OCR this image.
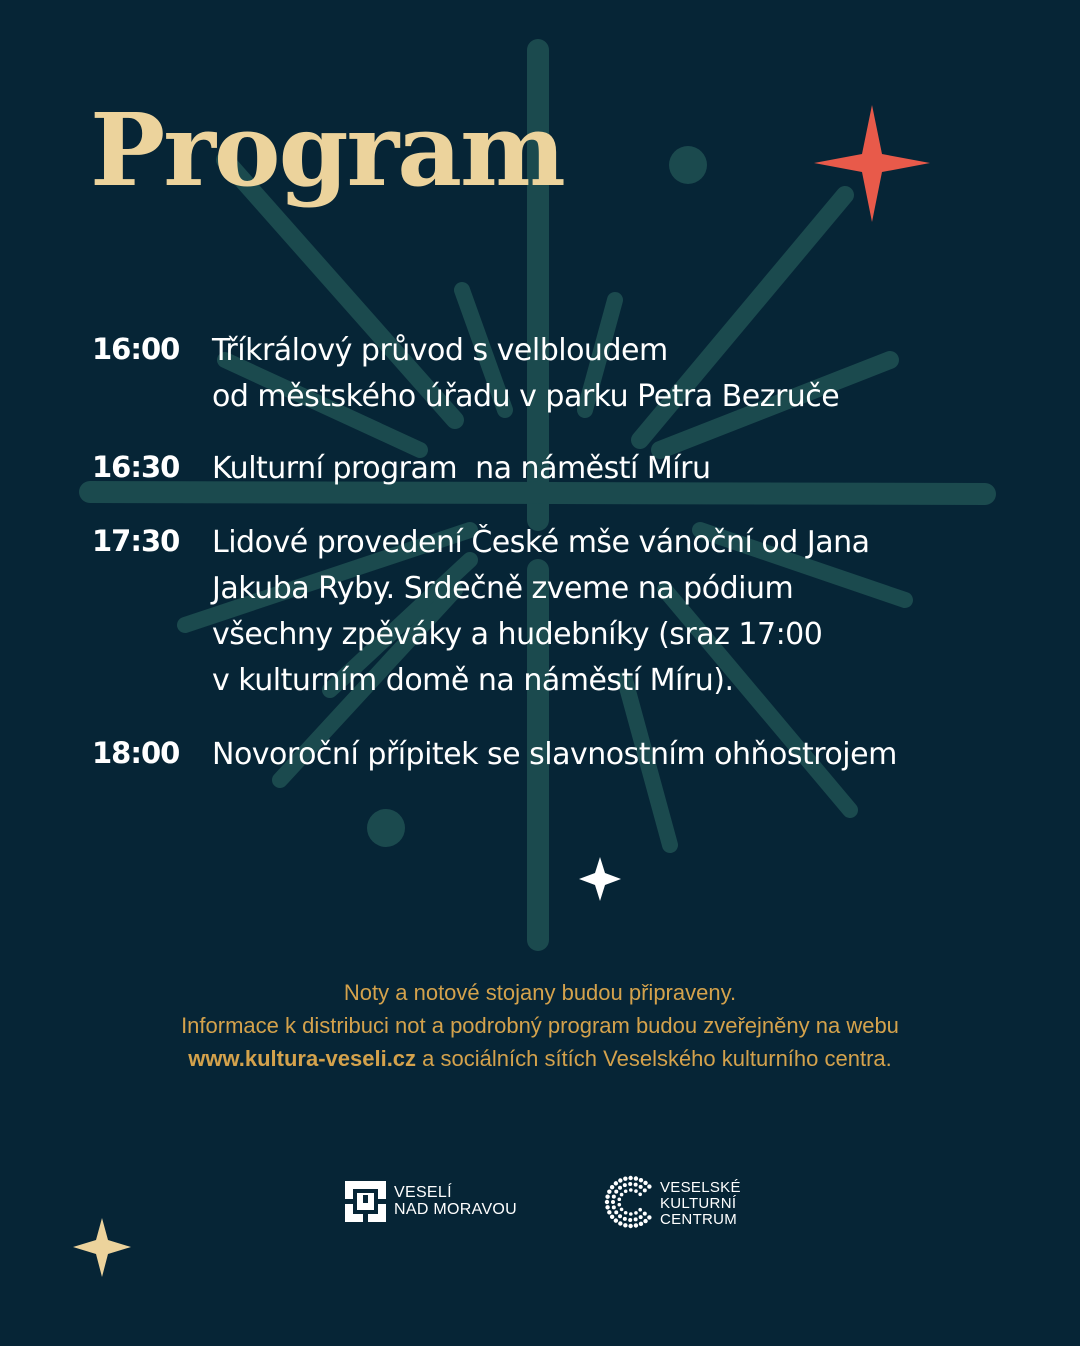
Program
16:00 Tříkrálový průvod s velbloudem
od městského úřadu v parku Petra Bezruče
16:30 Kulturní program  na náměstí Míru
17:30 Lidové provedení České mše vánoční od Jana
Jakuba Ryby. Srdečně zveme na pódium
všechny zpěváky a hudebníky (sraz 17:00
v kulturním domě na náměstí Míru).
18:00 Novoroční přípitek se slavnostním ohňostrojem
Noty a notové stojany budou připraveny.
Informace k distribuci not a podrobný program budou zveřejněny na webu
www.kultura-veseli.cz a sociálních sítích Veselského kulturního centra.
VESELÍ
NAD MORAVOU
VESELSKÉ
KULTURNÍ
CENTRUM
